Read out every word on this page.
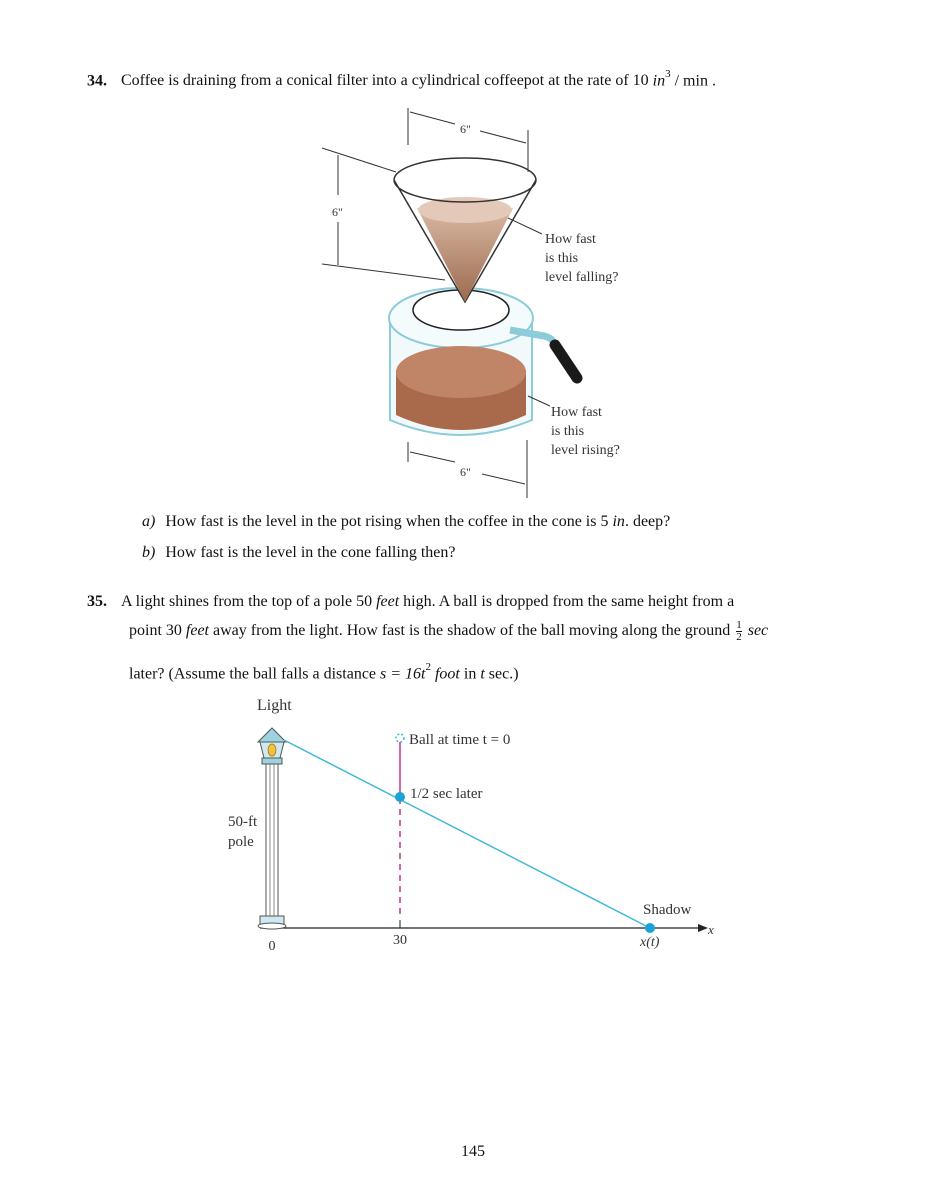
34. Coffee is draining from a conical filter into a cylindrical coffeepot at the rate of 10 $in^3$ / min .
6"
6"
How fast is this level falling?
How fast is this level rising?
6"
a) How fast is the level in the pot rising when the coffee in the cone is 5 in. deep?
b) How fast is the level in the cone falling then?
35. A light shines from the top of a pole 50 feet high. A ball is dropped from the same height from a
point 30 feet away from the light. How fast is the shadow of the ball moving along the ground $\frac{1}{2}$ sec
later? (Assume the ball falls a distance $s = 16t^2$ foot in t sec.)
x
0	30
Light
50-ft pole
Ball at time t = 0
1/2 sec later
Shadow
x(t)
145
